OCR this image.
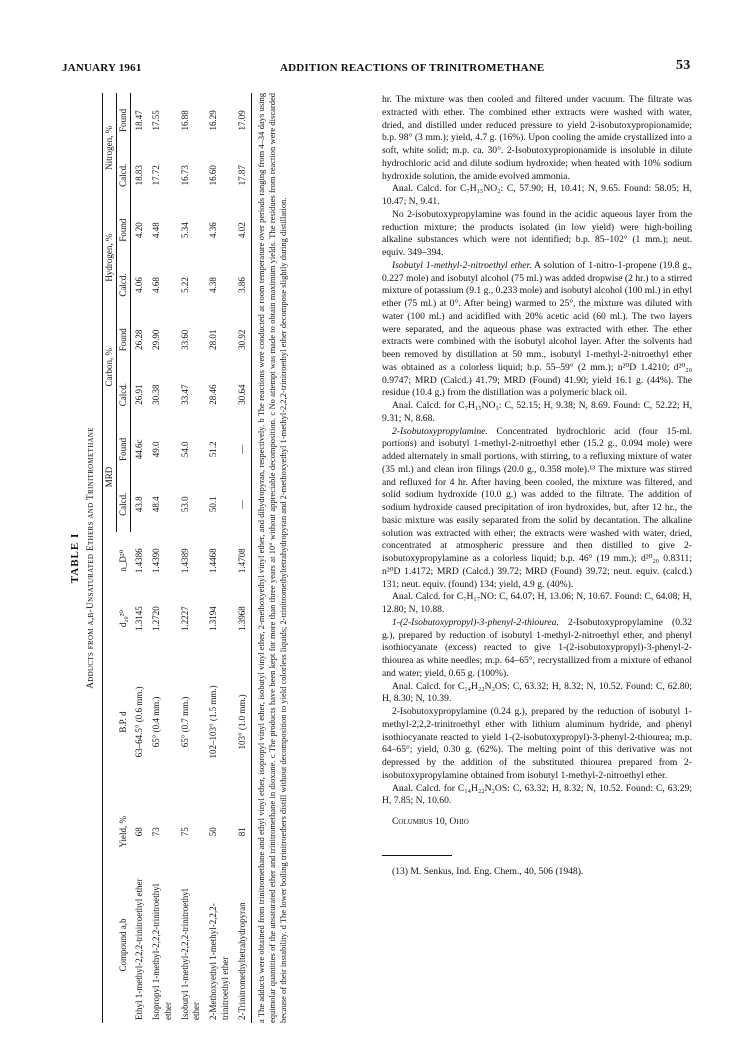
JANUARY 1961	ADDITION REACTIONS OF TRINITROMETHANE	53
TABLE I Adducts from α,β-Unsaturated Ethers and Trinitromethane
Compound a,b	Yield, %	B.P. d	d₂₀²⁰	n_D²⁰	MRD		Carbon, %		Hydrogen, %		Nitrogen, %	
					Calcd.	Found	Calcd.	Found	Calcd.	Found	Calcd.	Found
Ethyl 1-methyl-2,2,2-trinitroethyl ether	68	63–64.5° (0.6 mm.)	1.3145	1.4386	43.8	44.6c	26.91	26.28	4.06	4.20	18.83	18.47
Isopropyl 1-methyl-2,2,2-trinitroethyl ether	73	65° (0.4 mm.)	1.2720	1.4390	48.4	49.0	30.38	29.90	4.68	4.48	17.72	17.55
Isobutyl 1-methyl-2,2,2-trinitroethyl ether	75	65° (0.7 mm.)	1.2227	1.4389	53.0	54.0	33.47	33.60	5.22	5.34	16.73	16.88
2-Methoxyethyl 1-methyl-2,2,2-trinitroethyl ether	50	102–103° (1.5 mm.)	1.3194	1.4468	50.1	51.2	28.46	28.01	4.38	4.36	16.60	16.29
2-Trinitromethyltetrahydropyran	81	103° (1.0 mm.)	1.3968	1.4708	—	—	30.64	30.92	3.86	4.02	17.87	17.09 a The adducts were obtained from trinitromethane and ethyl vinyl ether, isopropyl vinyl ether, isobutyl vinyl ether, 2-methoxyethyl vinyl ether, and dihydropyran, respectively. b The reactions were conducted at room temperature over periods ranging from 4–34 days using equimolar quantities of the unsaturated ether and trinitromethane in dioxane. c The products have been kept for more than three years at 10° without appreciable decomposition. c No attempt was made to obtain maximum yields. The residues from reaction were discarded because of their instability. d The lower boiling trinitroethers distill without decomposition to yield colorless liquids; 2-trinitromethyltetrahydropyran and 2-methoxyethyl 1-methyl-2,2,2-trinitroethyl ether decompose slightly during distillation.

hr. The mixture was then cooled and filtered under vacuum. The filtrate was extracted with ether. The combined ether extracts were washed with water, dried, and distilled under reduced pressure to yield 2-isobutoxypropionamide; b.p. 98° (3 mm.); yield, 4.7 g. (16%). Upon cooling the amide crystallized into a soft, white solid; m.p. ca. 30°. 2-Isobutoxypropionamide is insoluble in dilute hydrochloric acid and dilute sodium hydroxide; when heated with 10% sodium hydroxide solution, the amide evolved ammonia.

Anal. Calcd. for C₇H₁₅NO₂: C, 57.90; H, 10.41; N, 9.65. Found: 58.05; H, 10.47; N, 9.41.

No 2-isobutoxypropylamine was found in the acidic aqueous layer from the reduction mixture; the products isolated (in low yield) were high-boiling alkaline substances which were not identified; b.p. 85–102° (1 mm.); neut. equiv. 349–394.

Isobutyl 1-methyl-2-nitroethyl ether. A solution of 1-nitro-1-propene (19.8 g., 0.227 mole) and isobutyl alcohol (75 ml.) was added dropwise (2 hr.) to a stirred mixture of potassium (9.1 g., 0.233 mole) and isobutyl alcohol (100 ml.) in ethyl ether (75 ml.) at 0°. After being) warmed to 25°, the mixture was diluted with water (100 ml.) and acidified with 20% acetic acid (60 ml.). The two layers were separated, and the aqueous phase was extracted with ether. The ether extracts were combined with the isobutyl alcohol layer. After the solvents had been removed by distillation at 50 mm., isobutyl 1-methyl-2-nitroethyl ether was obtained as a colorless liquid; b.p. 55–59° (2 mm.); n²⁰D 1.4210; d²⁰₂₀ 0.9747; MRD (Calcd.) 41.79; MRD (Found) 41.90; yield 16.1 g. (44%). The residue (10.4 g.) from the distillation was a polymeric black oil.

Anal. Calcd. for C₇H₁₅NO₃: C, 52.15; H, 9.38; N, 8.69. Found: C, 52.22; H, 9.31; N, 8.68.

2-Isobutoxypropylamine. Concentrated hydrochloric acid (four 15-ml. portions) and isobutyl 1-methyl-2-nitroethyl ether (15.2 g., 0.094 mole) were added alternately in small portions, with stirring, to a refluxing mixture of water (35 ml.) and clean iron filings (20.0 g., 0.358 mole).¹³ The mixture was stirred and refluxed for 4 hr. After having been cooled, the mixture was filtered, and solid sodium hydroxide (10.0 g.) was added to the filtrate. The addition of sodium hydroxide caused precipitation of iron hydroxides, but, after 12 hr., the basic mixture was easily separated from the solid by decantation. The alkaline solution was extracted with ether; the extracts were washed with water, dried, concentrated at atmospheric pressure and then distilled to give 2-isobutoxypropylamine as a colorless liquid; b.p. 46° (19 mm.); d²⁰₂₀ 0.8311; n²⁰D 1.4172; MRD (Calcd.) 39.72; MRD (Found) 39.72; neut. equiv. (calcd.) 131; neut. equiv. (found) 134; yield, 4.9 g. (40%).

Anal. Calcd. for C₇H₁₇NO: C, 64.07; H, 13.06; N, 10.67. Found: C, 64.08; H, 12.80; N, 10.88.

1-(2-Isobutoxypropyl)-3-phenyl-2-thiourea. 2-Isobutoxypropylamine (0.32 g.), prepared by reduction of isobutyl 1-methyl-2-nitroethyl ether, and phenyl isothiocyanate (excess) reacted to give 1-(2-isobutoxypropyl)-3-phenyl-2-thiourea as white needles; m.p. 64–65°, recrystallized from a mixture of ethanol and water; yield, 0.65 g. (100%).

Anal. Calcd. for C₁₄H₂₂N₂OS: C, 63.32; H, 8.32; N, 10.52. Found: C, 62.80; H, 8.30; N, 10.39.

2-Isobutoxypropylamine (0.24 g.), prepared by the reduction of isobutyl 1-methyl-2,2,2-trinitroethyl ether with lithium aluminum hydride, and phenyl isothiocyanate reacted to yield 1-(2-isobutoxypropyl)-3-phenyl-2-thiourea; m.p. 64–65°; yield, 0.30 g. (62%). The melting point of this derivative was not depressed by the addition of the substituted thiourea prepared from 2-isobutoxypropylamine obtained from isobutyl 1-methyl-2-nitroethyl ether.

Anal. Calcd. for C₁₄H₂₂N₂OS: C, 63.32; H, 8.32; N, 10.52. Found: C, 63.29; H, 7.85; N, 10.60.

Columbus 10, Ohio
(13) M. Senkus, Ind. Eng. Chem., 40, 506 (1948).
